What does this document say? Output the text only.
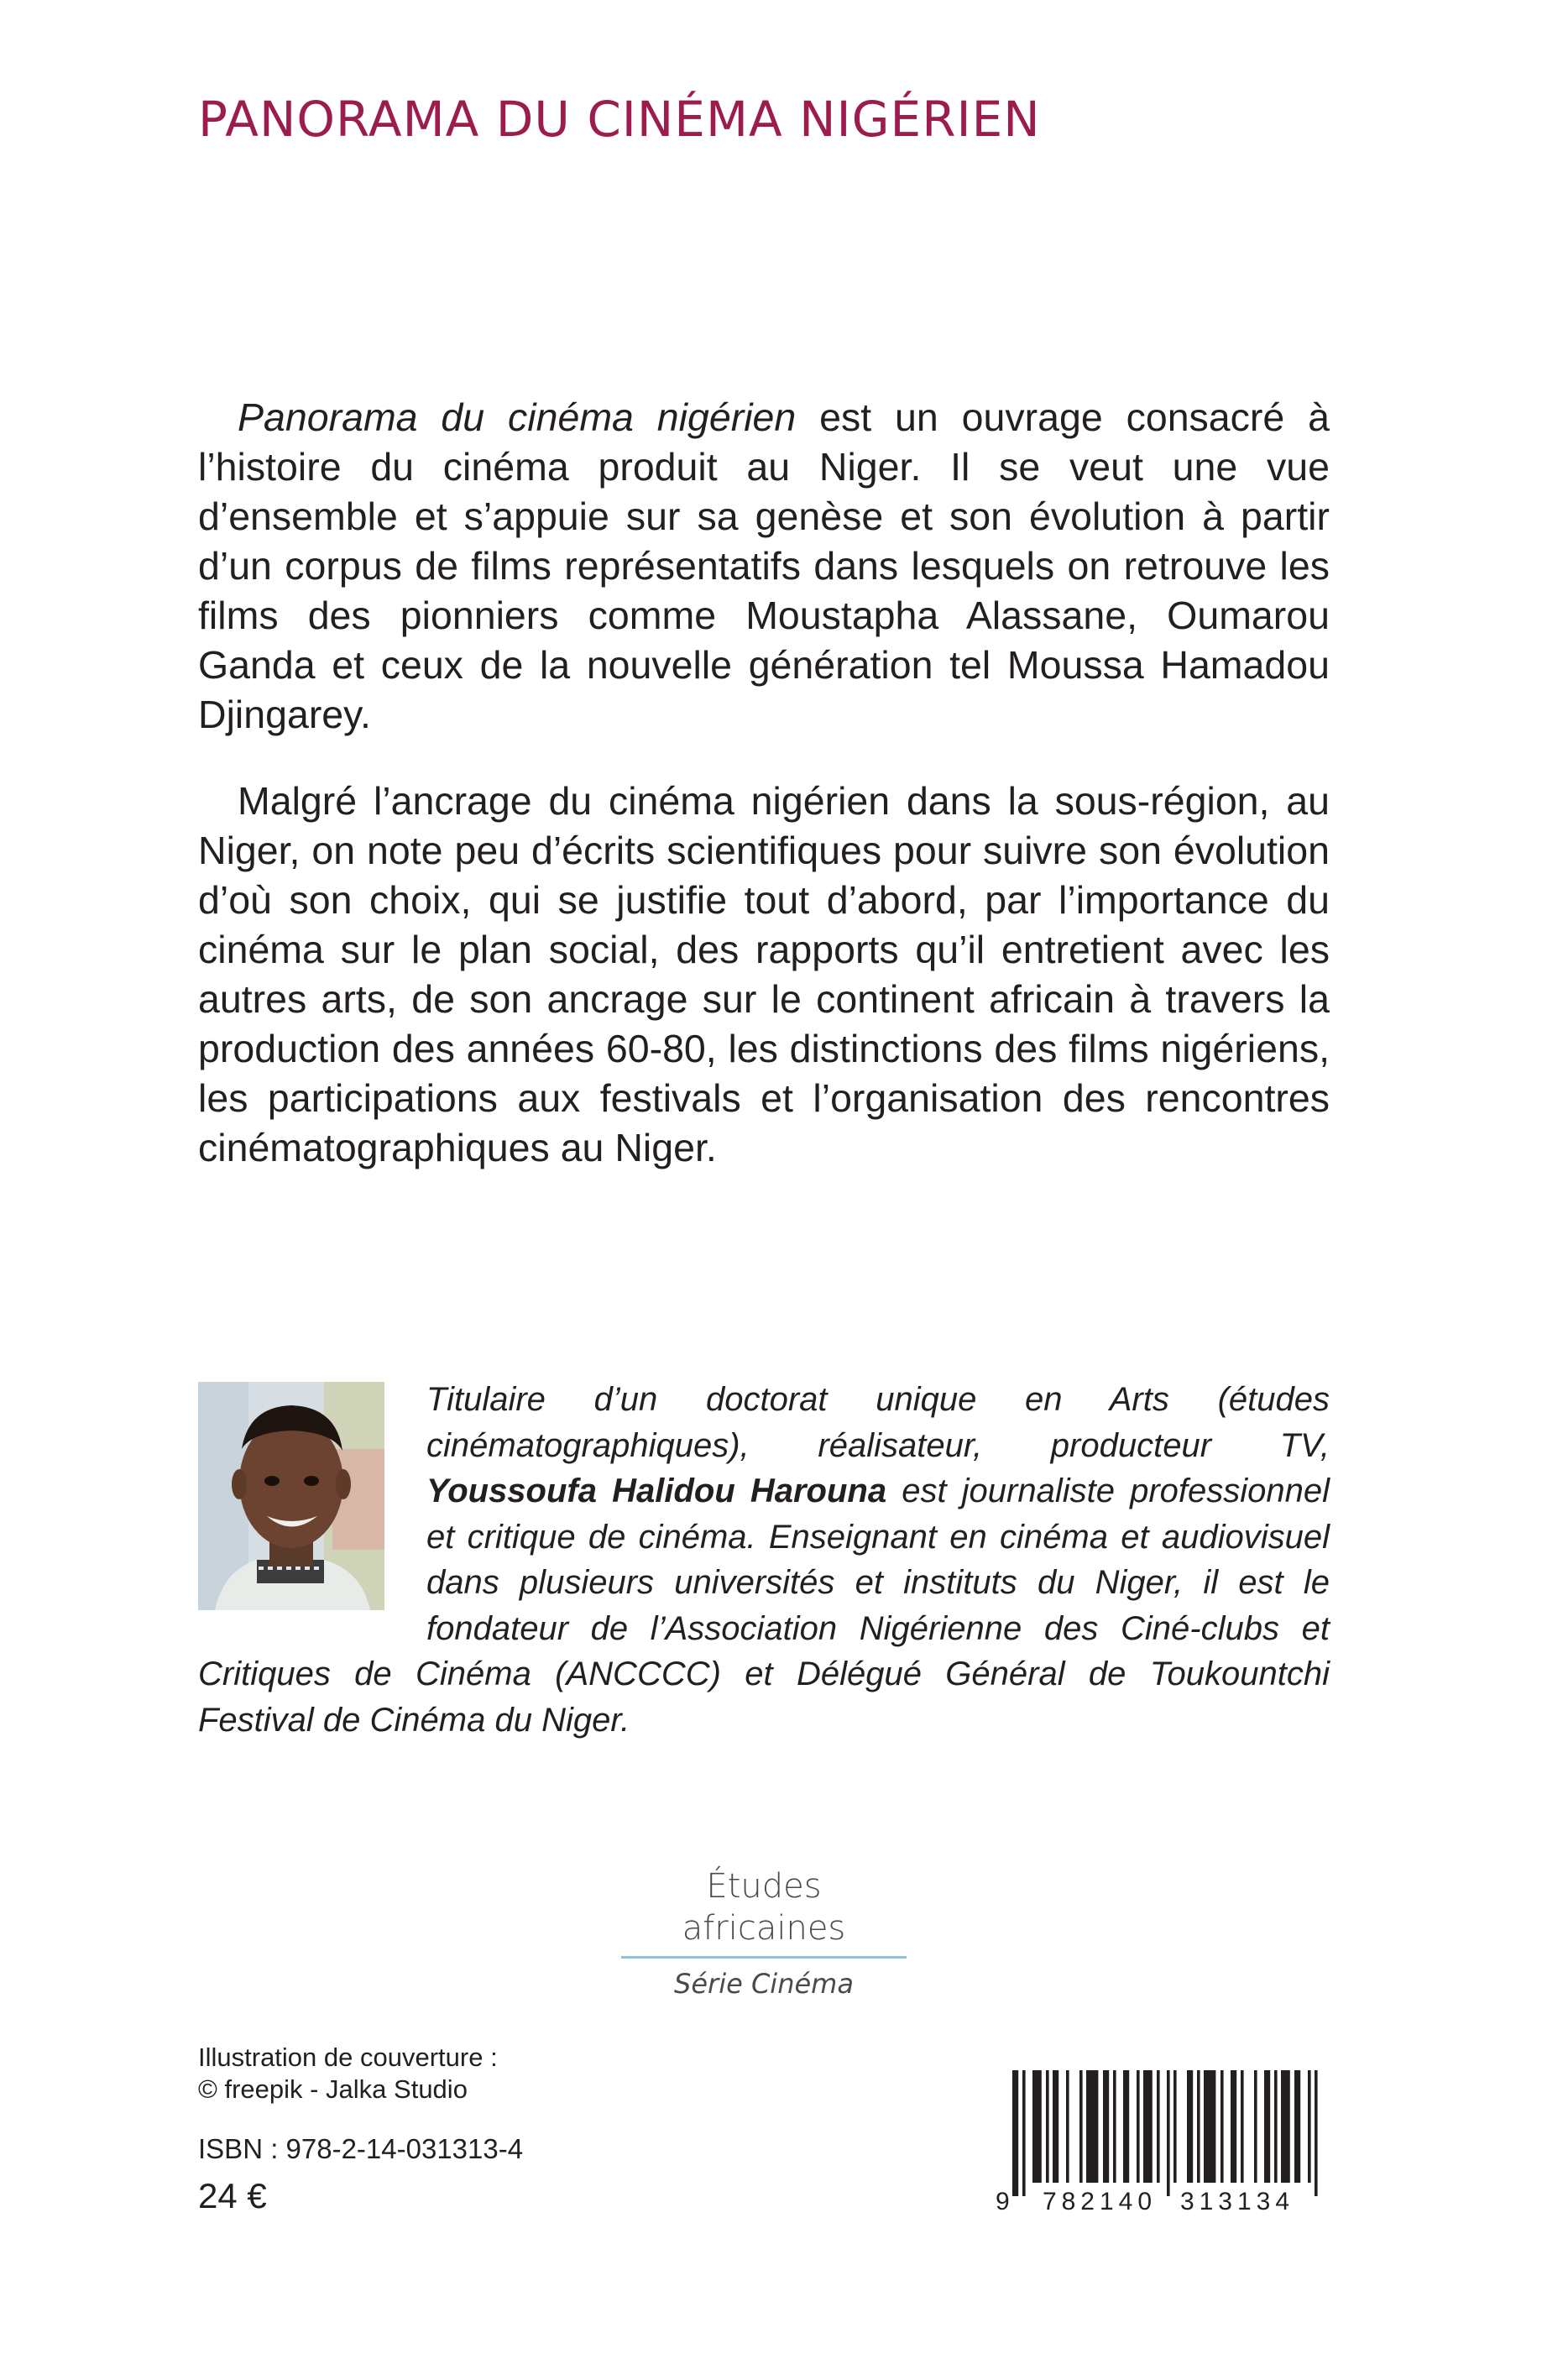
PANORAMA DU CINÉMA NIGÉRIEN

Panorama du cinéma nigérien est un ouvrage consacré à l’histoire du cinéma produit au Niger. Il se veut une vue d’ensemble et s’appuie sur sa genèse et son évolution à partir d’un corpus de films représentatifs dans lesquels on retrouve les films des pionniers comme Moustapha Alassane, Oumarou Ganda et ceux de la nouvelle génération tel Moussa Hamadou Djingarey.

Malgré l’ancrage du cinéma nigérien dans la sous-région, au Niger, on note peu d’écrits scientifiques pour suivre son évolution d’où son choix, qui se justifie tout d’abord, par l’importance du cinéma sur le plan social, des rapports qu’il entretient avec les autres arts, de son ancrage sur le continent africain à travers la production des années 60-80, les distinctions des films nigériens, les participations aux festivals et l’organisation des rencontres cinématographiques au Niger.

Titulaire d’un doctorat unique en Arts (études cinématographiques), réalisateur, producteur TV, Youssoufa Halidou Harouna est journaliste professionnel et critique de cinéma. Enseignant en cinéma et audiovisuel dans plusieurs universités et instituts du Niger, il est le fondateur de l’Association Nigérienne des Ciné-clubs et Critiques de Cinéma (ANCCCC) et Délégué Général de Toukountchi Festival de Cinéma du Niger.
Études africaines
Série Cinéma
Illustration de couverture :
© freepik - Jalka Studio
ISBN : 978-2-14-031313-4
24 €	9 782140 313134
